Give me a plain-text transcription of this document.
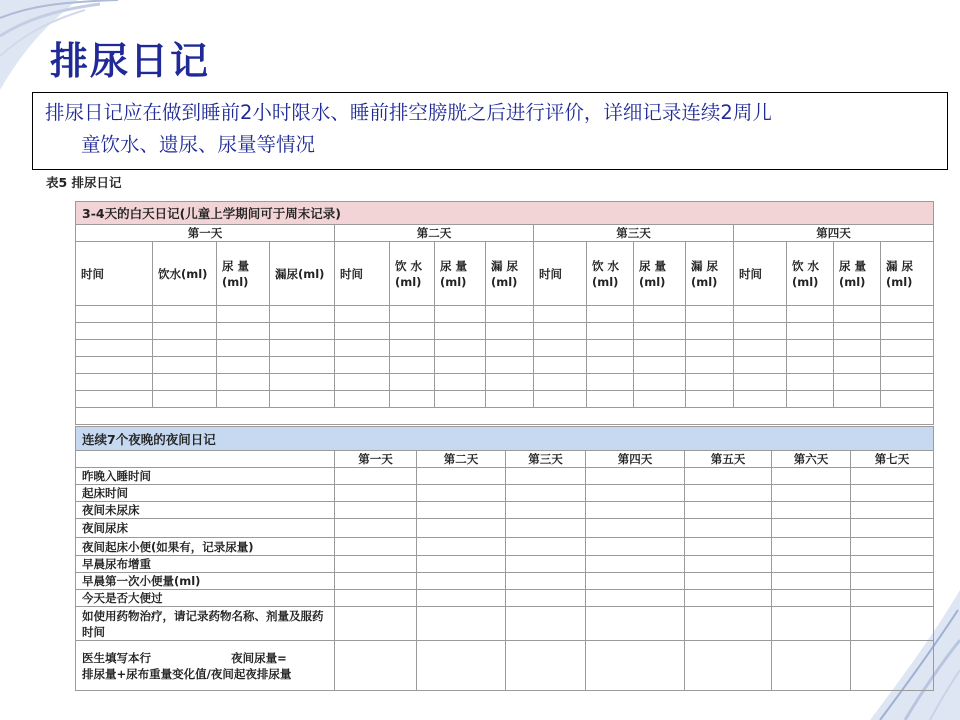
排尿日记
排尿日记应在做到睡前2小时限水、睡前排空膀胱之后进行评价，详细记录连续2周儿
童饮水、遗尿、尿量等情况
表5 排尿日记
3-4天的白天日记(儿童上学期间可于周末记录)															
第一天				第二天				第三天				第四天			
时间	饮水(ml)	尿 量 (ml)	漏尿(ml)	时间	饮 水 (ml)	尿 量 (ml)	漏 尿 (ml)	时间	饮 水 (ml)	尿 量 (ml)	漏 尿 (ml)	时间	饮 水 (ml)	尿 量 (ml)	漏 尿 (ml)

连续7个夜晚的夜间日记							
	第一天	第二天	第三天	第四天	第五天	第六天	第七天
昨晚入睡时间							
起床时间							
夜间未尿床							
夜间尿床							
夜间起床小便(如果有，记录尿量)							
早晨尿布增重							
早晨第一次小便量(ml)							
今天是否大便过							
如使用药物治疗，请记录药物名称、剂量及服药时间							

医生填写本行                    夜间尿量=
排尿量+尿布重量变化值/夜间起夜排尿量							
